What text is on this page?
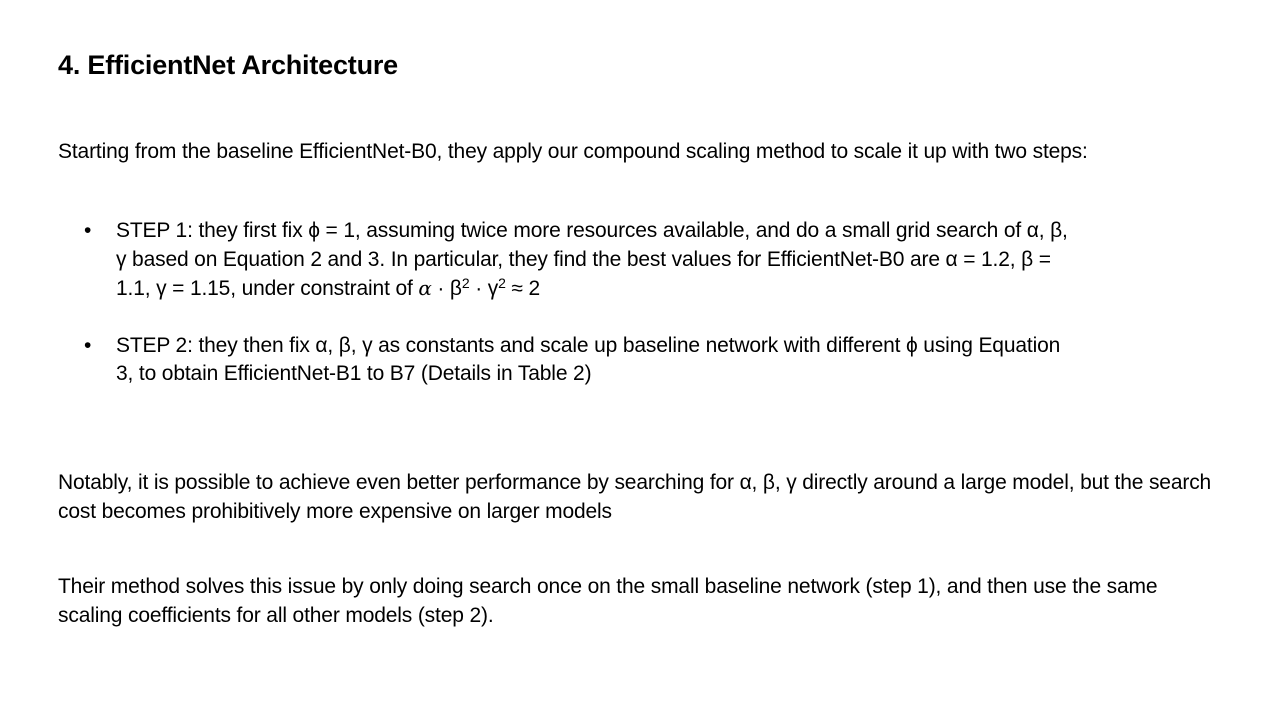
4. EfficientNet Architecture
Starting from the baseline EfficientNet-B0, they apply our compound scaling method to scale it up with two steps:
•	STEP 1: they first fix ϕ = 1, assuming twice more resources available, and do a small grid search of α, β,
γ based on Equation 2 and 3. In particular, they find the best values for EfficientNet-B0 are α = 1.2, β =
1.1, γ = 1.15, under constraint of $\alpha \cdot \beta^2 \cdot \gamma^2 \approx 2$
•	STEP 2: they then fix α, β, γ as constants and scale up baseline network with different ϕ using Equation
3, to obtain EfficientNet-B1 to B7 (Details in Table 2)
Notably, it is possible to achieve even better performance by searching for α, β, γ directly around a large model, but the search cost becomes prohibitively more expensive on larger models
Their method solves this issue by only doing search once on the small baseline network (step 1), and then use the same scaling coefficients for all other models (step 2).
